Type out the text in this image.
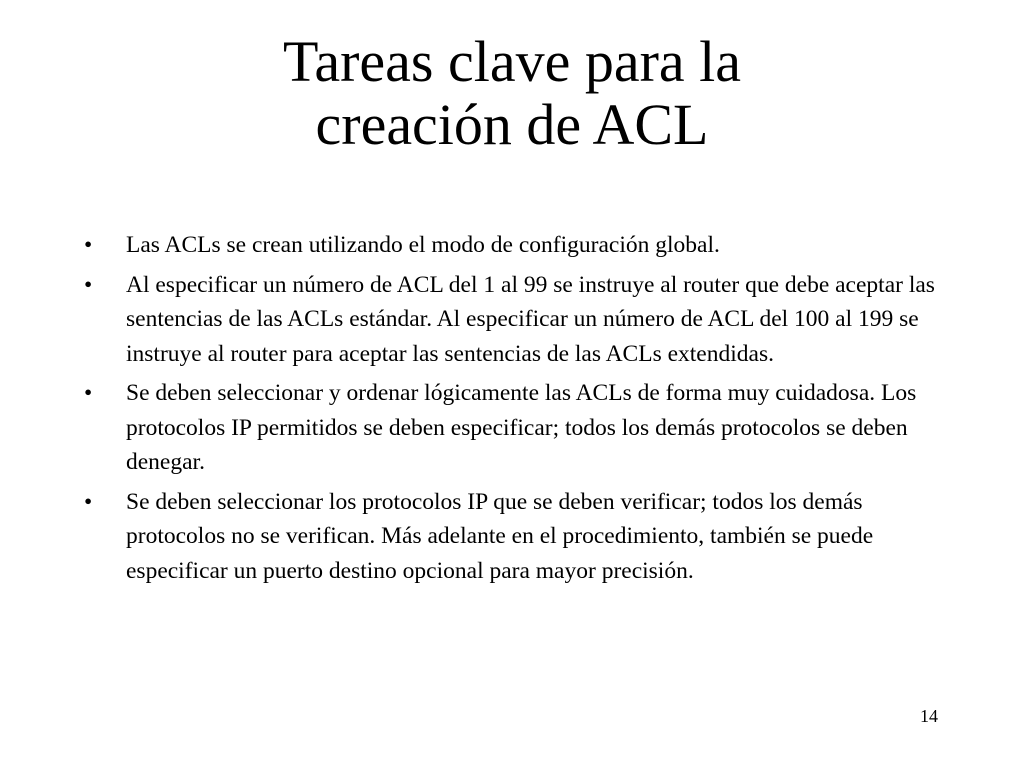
Tareas clave para la
creación de ACL
• Las ACLs se crean utilizando el modo de configuración global.
• Al especificar un número de ACL del 1 al 99 se instruye al router que debe aceptar las sentencias de las ACLs estándar. Al especificar un número de ACL del 100 al 199 se instruye al router para aceptar las sentencias de las ACLs extendidas.
• Se deben seleccionar y ordenar lógicamente las ACLs de forma muy cuidadosa. Los protocolos IP permitidos se deben especificar; todos los demás protocolos se deben denegar.
• Se deben seleccionar los protocolos IP que se deben verificar; todos los demás protocolos no se verifican. Más adelante en el procedimiento, también se puede especificar un puerto destino opcional para mayor precisión.
14
